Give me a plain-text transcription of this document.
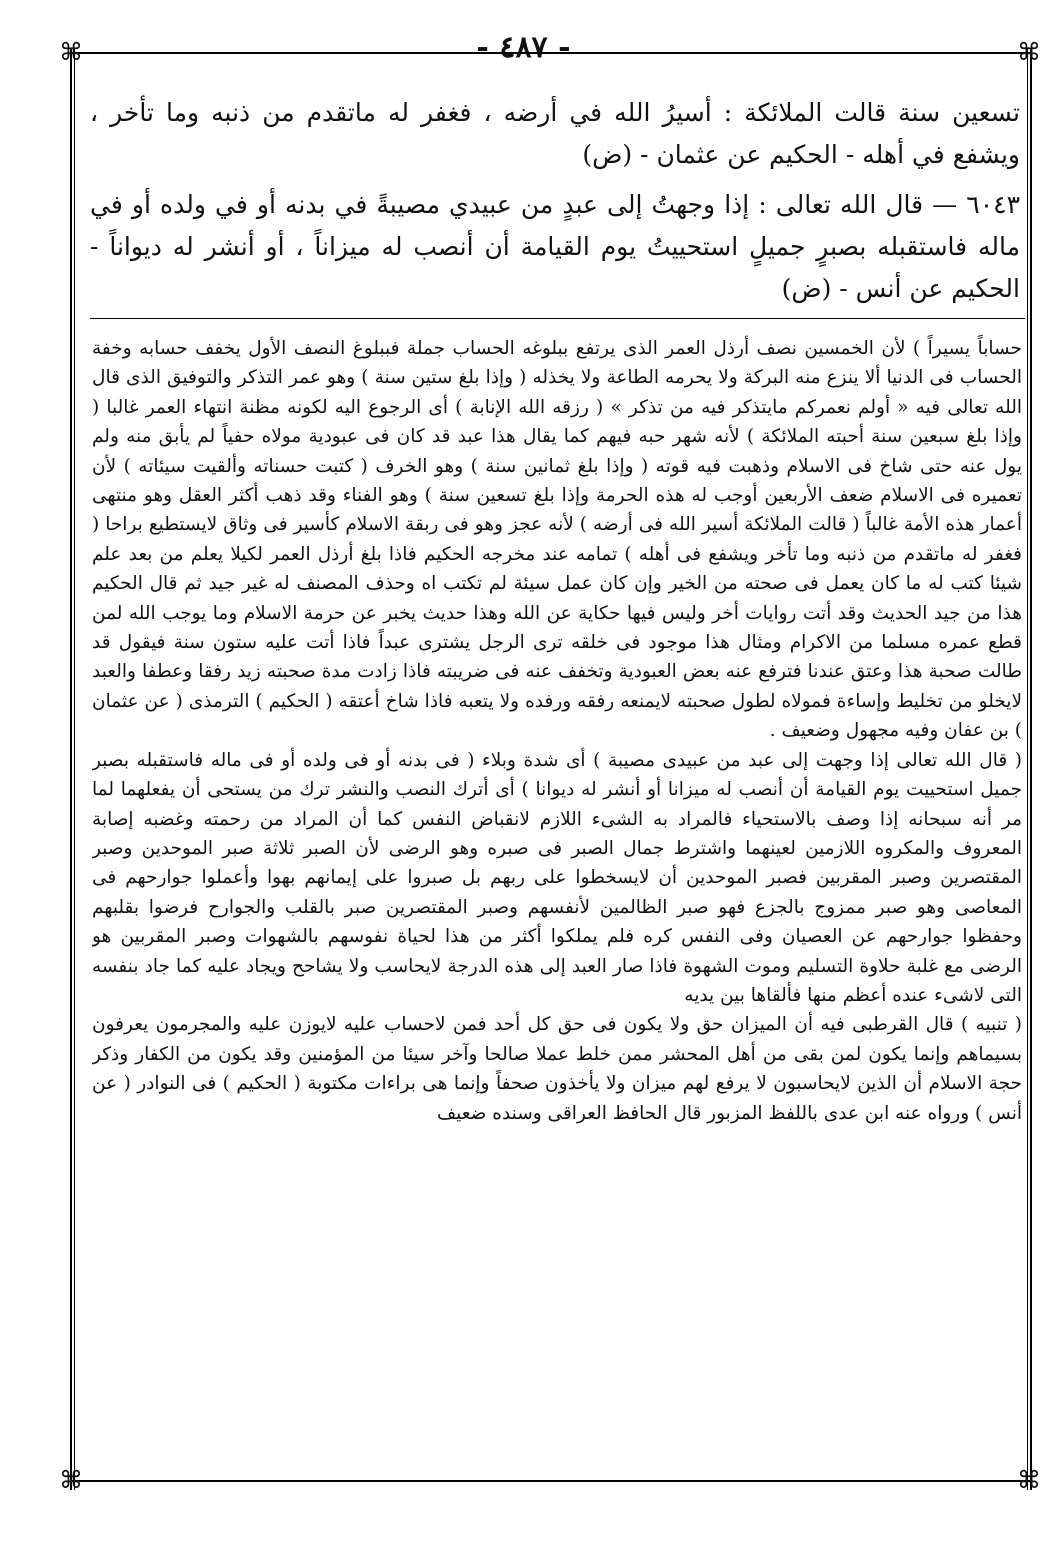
- ٤٨٧ -
⌘	⌘
⌘	⌘

تسعين سنة قالت الملائكة : أسيرُ الله في أرضه ، فغفر له ماتقدم من ذنبه وما تأخر ، ويشفع في أهله - الحكيم عن عثمان - (ض)

٦٠٤٣ — قال الله تعالى : إذا وجهتُ إلى عبدٍ من عبيدي مصيبةً في بدنه أو في ولده أو في ماله فاستقبله بصبرٍ جميلٍ استحييتُ يوم القيامة أن أنصب له ميزاناً ، أو أنشر له ديواناً - الحكيم عن أنس - (ض)

حساباً يسيراً ) لأن الخمسين نصف أرذل العمر الذى يرتفع ببلوغه الحساب جملة فببلوغ النصف الأول يخفف حسابه وخفة الحساب فى الدنيا ألا ينزع منه البركة ولا يحرمه الطاعة ولا يخذله ( وإذا بلغ ستين سنة ) وهو عمر التذكر والتوفيق الذى قال الله تعالى فيه « أولم نعمركم مايتذكر فيه من تذكر » ( رزقه الله الإنابة ) أى الرجوع اليه لكونه مظنة انتهاء العمر غالبا ( وإذا بلغ سبعين سنة أحبته الملائكة ) لأنه شهر حبه فيهم كما يقال هذا عبد قد كان فى عبودية مولاه حفياً لم يأبق منه ولم يول عنه حتى شاخ فى الاسلام وذهبت فيه قوته ( وإذا بلغ ثمانين سنة ) وهو الخرف ( كتبت حسناته وألقيت سيئاته ) لأن تعميره فى الاسلام ضعف الأربعين أوجب له هذه الحرمة وإذا بلغ تسعين سنة ) وهو الفناء وقد ذهب أكثر العقل وهو منتهى أعمار هذه الأمة غالباً ( قالت الملائكة أسير الله فى أرضه ) لأنه عجز وهو فى ربقة الاسلام كأسير فى وثاق لايستطيع براحا ( فغفر له ماتقدم من ذنبه وما تأخر ويشفع فى أهله ) تمامه عند مخرجه الحكيم فاذا بلغ أرذل العمر لكيلا يعلم من بعد علم شيئا كتب له ما كان يعمل فى صحته من الخير وإن كان عمل سيئة لم تكتب اه وحذف المصنف له غير جيد ثم قال الحكيم هذا من جيد الحديث وقد أتت روايات أخر وليس فيها حكاية عن الله وهذا حديث يخبر عن حرمة الاسلام وما يوجب الله لمن قطع عمره مسلما من الاكرام ومثال هذا موجود فى خلقه ترى الرجل يشترى عبداً فاذا أتت عليه ستون سنة فيقول قد طالت صحبة هذا وعتق عندنا فترفع عنه بعض العبودية وتخفف عنه فى ضريبته فاذا زادت مدة صحبته زيد رفقا وعطفا والعبد لايخلو من تخليط وإساءة فمولاه لطول صحبته لايمنعه رفقه ورفده ولا يتعبه فاذا شاخ أعتقه ( الحكيم ) الترمذى ( عن عثمان ) بن عفان وفيه مجهول وضعيف .

( قال الله تعالى إذا وجهت إلى عبد من عبيدى مصيبة ) أى شدة وبلاء ( فى بدنه أو فى ولده أو فى ماله فاستقبله بصبر جميل استحييت يوم القيامة أن أنصب له ميزانا أو أنشر له ديوانا ) أى أترك النصب والنشر ترك من يستحى أن يفعلهما لما مر أنه سبحانه إذا وصف بالاستحياء فالمراد به الشىء اللازم لانقباض النفس كما أن المراد من رحمته وغضبه إصابة المعروف والمكروه اللازمين لعينهما واشترط جمال الصبر فى صبره وهو الرضى لأن الصبر ثلاثة صبر الموحدين وصبر المقتصرين وصبر المقربين فصبر الموحدين أن لايسخطوا على ربهم بل صبروا على إيمانهم بهوا وأعملوا جوارحهم فى المعاصى وهو صبر ممزوج بالجزع فهو صبر الظالمين لأنفسهم وصبر المقتصرين صبر بالقلب والجوارح فرضوا بقلبهم وحفظوا جوارحهم عن العصيان وفى النفس كره فلم يملكوا أكثر من هذا لحياة نفوسهم بالشهوات وصبر المقربين هو الرضى مع غلبة حلاوة التسليم وموت الشهوة فاذا صار العبد إلى هذه الدرجة لايحاسب ولا يشاحح ويجاد عليه كما جاد بنفسه التى لاشىء عنده أعظم منها فألقاها بين يديه

( تنبيه ) قال القرطبى فيه أن الميزان حق ولا يكون فى حق كل أحد فمن لاحساب عليه لايوزن عليه والمجرمون يعرفون بسيماهم وإنما يكون لمن بقى من أهل المحشر ممن خلط عملا صالحا وآخر سيئا من المؤمنين وقد يكون من الكفار وذكر حجة الاسلام أن الذين لايحاسبون لا يرفع لهم ميزان ولا يأخذون صحفاً وإنما هى براءات مكتوبة ( الحكيم ) فى النوادر ( عن أنس ) ورواه عنه ابن عدى باللفظ المزبور قال الحافظ العراقى وسنده ضعيف
